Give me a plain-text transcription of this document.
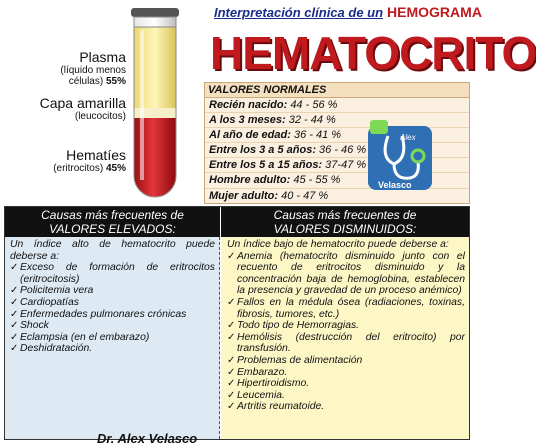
Plasma
(líquido menos
células) 55%
Capa amarilla
(leucocitos)
Hematíes
(eritrocitos) 45%
Interpretación clínica de un HEMOGRAMA
HEMATOCRITO
VALORES NORMALES
Recién nacido: 44 - 56 %
A los 3 meses: 32 - 44 %
Al año de edad: 36 - 41 %
Entre los 3 a 5 años: 36 - 46 %
Entre los 5 a 15 años: 37-47 %
Hombre adulto: 45 - 55 %
Mujer adulto: 40 - 47 %
Alex
Velasco
Causas más frecuentes de
VALORES ELEVADOS:
Causas más frecuentes de
VALORES DISMINUIDOS:
Un índice alto de hematocrito puede deberse a:
✓ Exceso de formación de eritrocitos (eritrocitosis)
✓ Policitemia vera
✓ Cardiopatías
✓ Enfermedades pulmonares crónicas
✓ Shock
✓ Eclampsia (en el embarazo)
✓ Deshidratación.
Dr. Alex Velasco
Un índice bajo de hematocrito puede deberse a:
✓ Anemia (hematocrito disminuido junto con el recuento de eritrocitos disminuido y la concentración baja de hemoglobina, establecen la presencia y gravedad de un proceso anémico)
✓ Fallos en la médula ósea (radiaciones, toxinas, fibrosis, tumores, etc.)
✓ Todo tipo de Hemorragias.
✓ Hemólisis (destrucción del eritrocito) por transfusión.
✓ Problemas de alimentación
✓ Embarazo.
✓ Hipertiroidismo.
✓ Leucemia.
✓ Artritis reumatoide.
